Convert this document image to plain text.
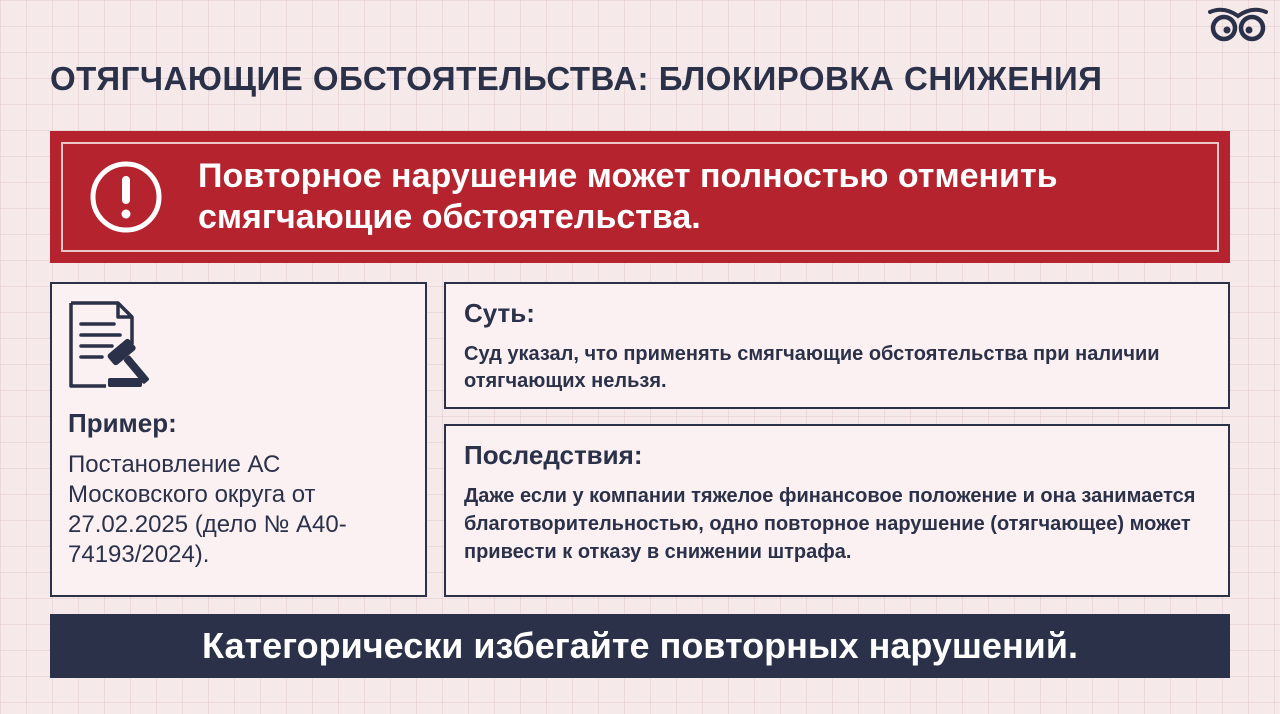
ОТЯГЧАЮЩИЕ ОБСТОЯТЕЛЬСТВА: БЛОКИРОВКА СНИЖЕНИЯ
Повторное нарушение может полностью отменить смягчающие обстоятельства.
Пример:
Постановление АС Московского округа от 27.02.2025 (дело № А40-74193/2024).
Суть:
Суд указал, что применять смягчающие обстоятельства при наличии отягчающих нельзя.
Последствия:
Даже если у компании тяжелое финансовое положение и она занимается благотворительностью, одно повторное нарушение (отягчающее) может привести к отказу в снижении штрафа.
Категорически избегайте повторных нарушений.
